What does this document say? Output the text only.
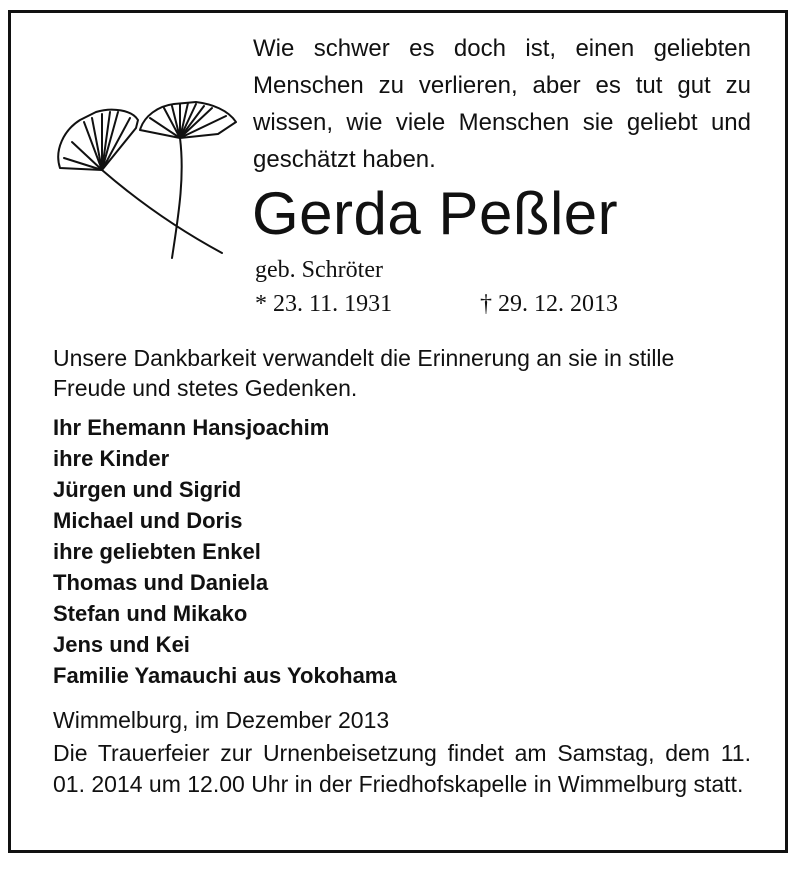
Wie schwer es doch ist, einen geliebten Menschen zu verlieren, aber es tut gut zu wissen, wie viele Menschen sie geliebt und geschätzt haben.
Gerda Peßler
geb. Schröter
* 23. 11. 1931	† 29. 12. 2013
Unsere Dankbarkeit verwandelt die Erinnerung an sie in stille Freude und stetes Gedenken.
Ihr Ehemann Hansjoachim
ihre Kinder
Jürgen und Sigrid
Michael und Doris
ihre geliebten Enkel
Thomas und Daniela
Stefan und Mikako
Jens und Kei
Familie Yamauchi aus Yokohama
Wimmelburg, im Dezember 2013
Die Trauerfeier zur Urnenbeisetzung findet am Samstag, dem 11. 01. 2014 um 12.00 Uhr in der Friedhofskapelle in Wimmelburg statt.
